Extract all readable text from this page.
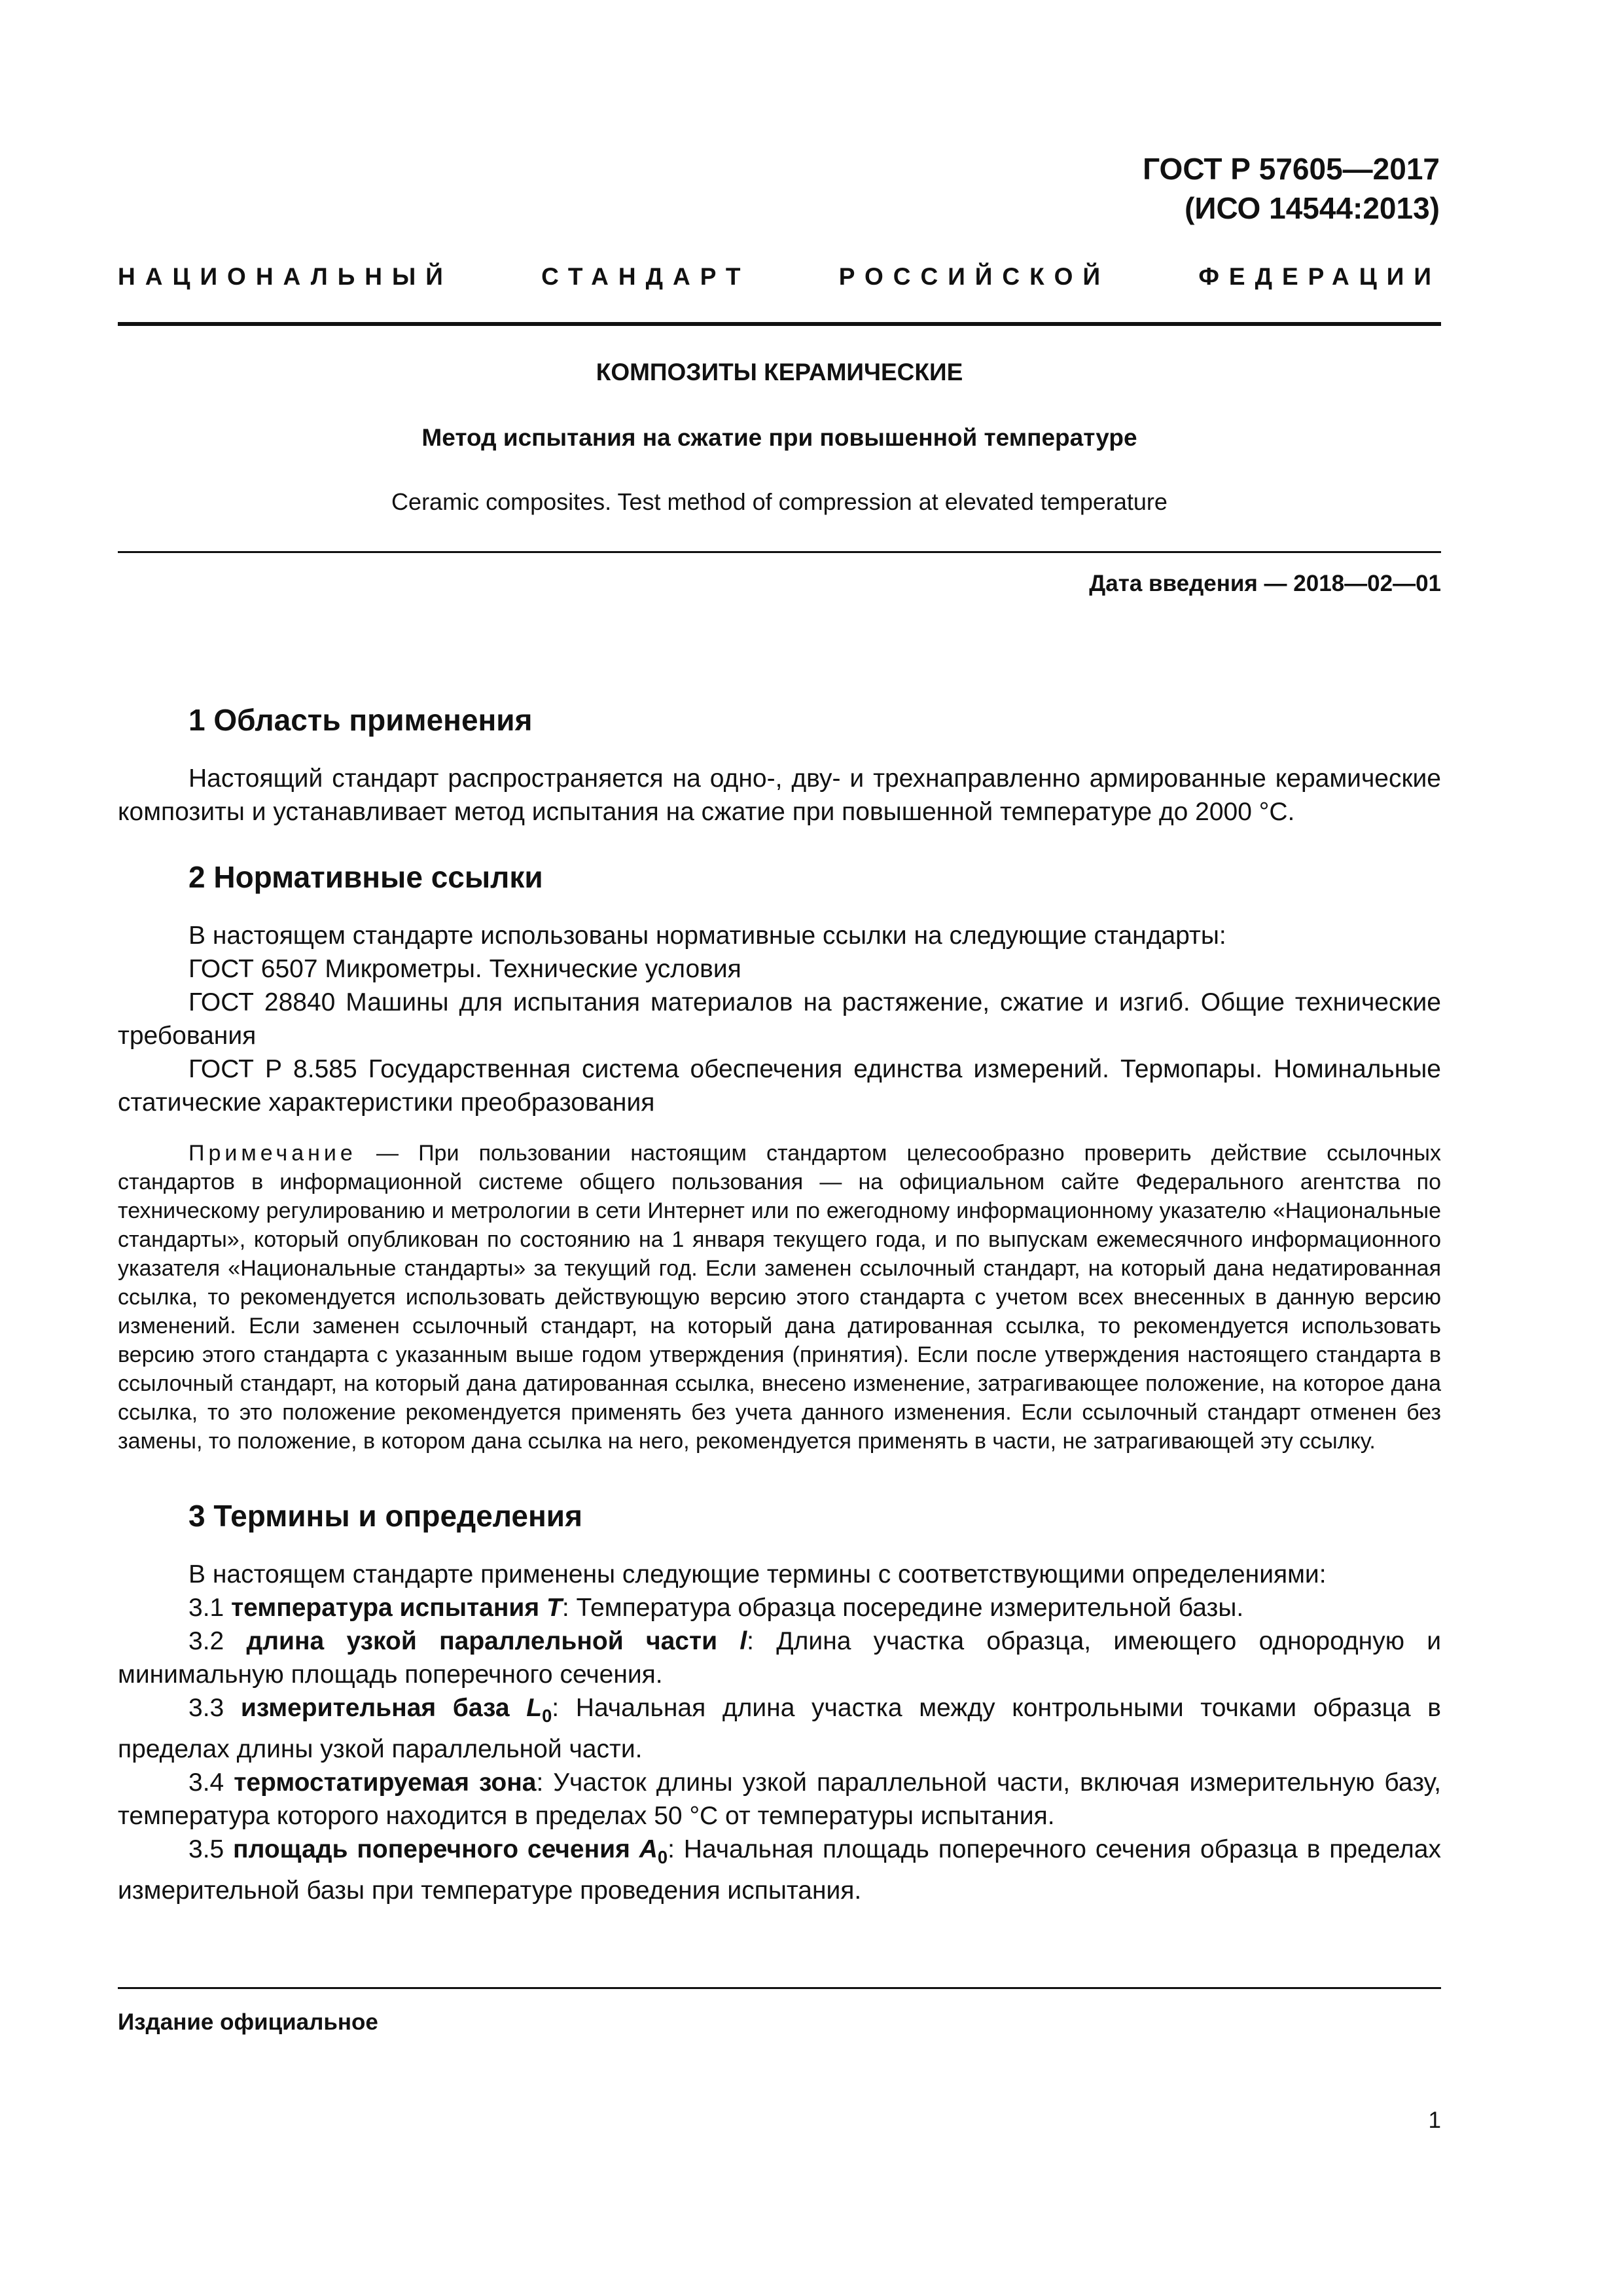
ГОСТ Р 57605—2017
(ИСО 14544:2013)
НАЦИОНАЛЬНЫЙ СТАНДАРТ РОССИЙСКОЙ ФЕДЕРАЦИИ
КОМПОЗИТЫ КЕРАМИЧЕСКИЕ
Метод испытания на сжатие при повышенной температуре
Ceramic composites. Test method of compression at elevated temperature
Дата введения — 2018—02—01
1 Область применения

Настоящий стандарт распространяется на одно-, дву- и трехнаправленно армированные керамические композиты и устанавливает метод испытания на сжатие при повышенной температуре до 2000 °C.

2 Нормативные ссылки

В настоящем стандарте использованы нормативные ссылки на следующие стандарты:

ГОСТ 6507 Микрометры. Технические условия

ГОСТ 28840 Машины для испытания материалов на растяжение, сжатие и изгиб. Общие технические требования

ГОСТ Р 8.585 Государственная система обеспечения единства измерений. Термопары. Номинальные статические характеристики преобразования

Примечание — При пользовании настоящим стандартом целесообразно проверить действие ссылочных стандартов в информационной системе общего пользования — на официальном сайте Федерального агентства по техническому регулированию и метрологии в сети Интернет или по ежегодному информационному указателю «Национальные стандарты», который опубликован по состоянию на 1 января текущего года, и по выпускам ежемесячного информационного указателя «Национальные стандарты» за текущий год. Если заменен ссылочный стандарт, на который дана недатированная ссылка, то рекомендуется использовать действующую версию этого стандарта с учетом всех внесенных в данную версию изменений. Если заменен ссылочный стандарт, на который дана датированная ссылка, то рекомендуется использовать версию этого стандарта с указанным выше годом утверждения (принятия). Если после утверждения настоящего стандарта в ссылочный стандарт, на который дана датированная ссылка, внесено изменение, затрагивающее положение, на которое дана ссылка, то это положение рекомендуется применять без учета данного изменения. Если ссылочный стандарт отменен без замены, то положение, в котором дана ссылка на него, рекомендуется применять в части, не затрагивающей эту ссылку.

3 Термины и определения

В настоящем стандарте применены следующие термины с соответствующими определениями:

3.1 температура испытания T: Температура образца посередине измерительной базы.

3.2 длина узкой параллельной части l: Длина участка образца, имеющего однородную и минимальную площадь поперечного сечения.

3.3 измерительная база $L_0$: Начальная длина участка между контрольными точками образца в пределах длины узкой параллельной части.

3.4 термостатируемая зона: Участок длины узкой параллельной части, включая измерительную базу, температура которого находится в пределах 50 °C от температуры испытания.

3.5 площадь поперечного сечения $A_0$: Начальная площадь поперечного сечения образца в пределах измерительной базы при температуре проведения испытания.

Издание официальное
1
